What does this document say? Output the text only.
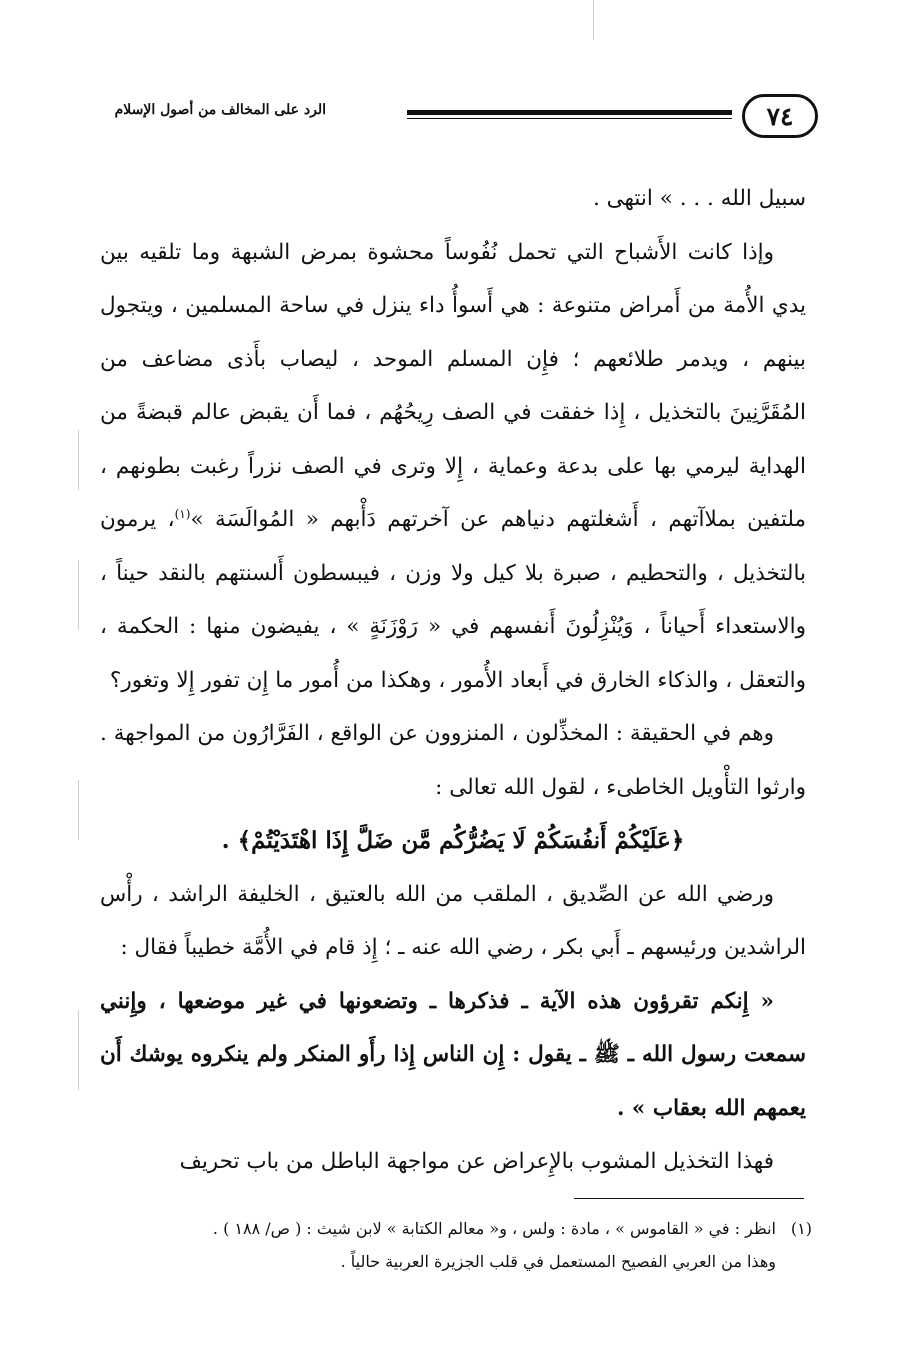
٧٤
الرد على المخالف من أصول الإسلام

سبيل الله . . . » انتهى .

وإذا كانت الأَشباح التي تحمل نُفُوساً محشوة بمرض الشبهة وما تلقيه بين يدي الأُمة من أَمراض متنوعة : هي أَسوأُ داء ينزل في ساحة المسلمين ، ويتجول بينهم ، ويدمر طلائعهم ؛ فإِن المسلم الموحد ، ليصاب بأَذى مضاعف من المُقَرَّنِينَ بالتخذيل ، إِذا خفقت في الصف رِيحُهُم ، فما أَن يقبض عالم قبضةً من الهداية ليرمي بها على بدعة وعماية ، إِلا وترى في الصف نزراً رغبت بطونهم ، ملتفين بملاآتهم ، أَشغلتهم دنياهم عن آخرتهم دَأْبهم « المُوالَسَة »$^{(١)}$، يرمون بالتخذيل ، والتحطيم ، صبرة بلا كيل ولا وزن ، فيبسطون أَلسنتهم بالنقد حيناً ، والاستعداء أَحياناً ، وَيُنْزِلُونَ أَنفسهم في « رَوْزَنَةٍ » ، يفيضون منها : الحكمة ، والتعقل ، والذكاء الخارق في أَبعاد الأُمور ، وهكذا من أُمور ما إِن تفور إِلا وتغور؟

وهم في الحقيقة : المخذِّلون ، المنزوون عن الواقع ، الفَرَّارُون من المواجهة . وارثوا التأْويل الخاطىء ، لقول الله تعالى :

﴿عَلَيْكُمْ أَنفُسَكُمْ لَا يَضُرُّكُم مَّن ضَلَّ إِذَا اهْتَدَيْتُمْ﴾ .

ورضي الله عن الصِّديق ، الملقب من الله بالعتيق ، الخليفة الراشد ، رأْس الراشدين ورئيسهم ـ أَبي بكر ، رضي الله عنه ـ ؛ إِذ قام في الأُمَّة خطيباً فقال :

« إِنكم تقرؤون هذه الآية ـ فذكرها ـ وتضعونها في غير موضعها ، وإِنني سمعت رسول الله ـ ﷺ ـ يقول : إِن الناس إِذا رأَو المنكر ولم ينكروه يوشك أَن يعمهم الله بعقاب » .

فهذا التخذيل المشوب بالإِعراض عن مواجهة الباطل من باب تحريف

(١)انظر : في « القاموس » ، مادة : ولس ، و« معالم الكتابة » لابن شيث : ( ص/ ١٨٨ ) .
وهذا من العربي الفصيح المستعمل في قلب الجزيرة العربية حالياً .
